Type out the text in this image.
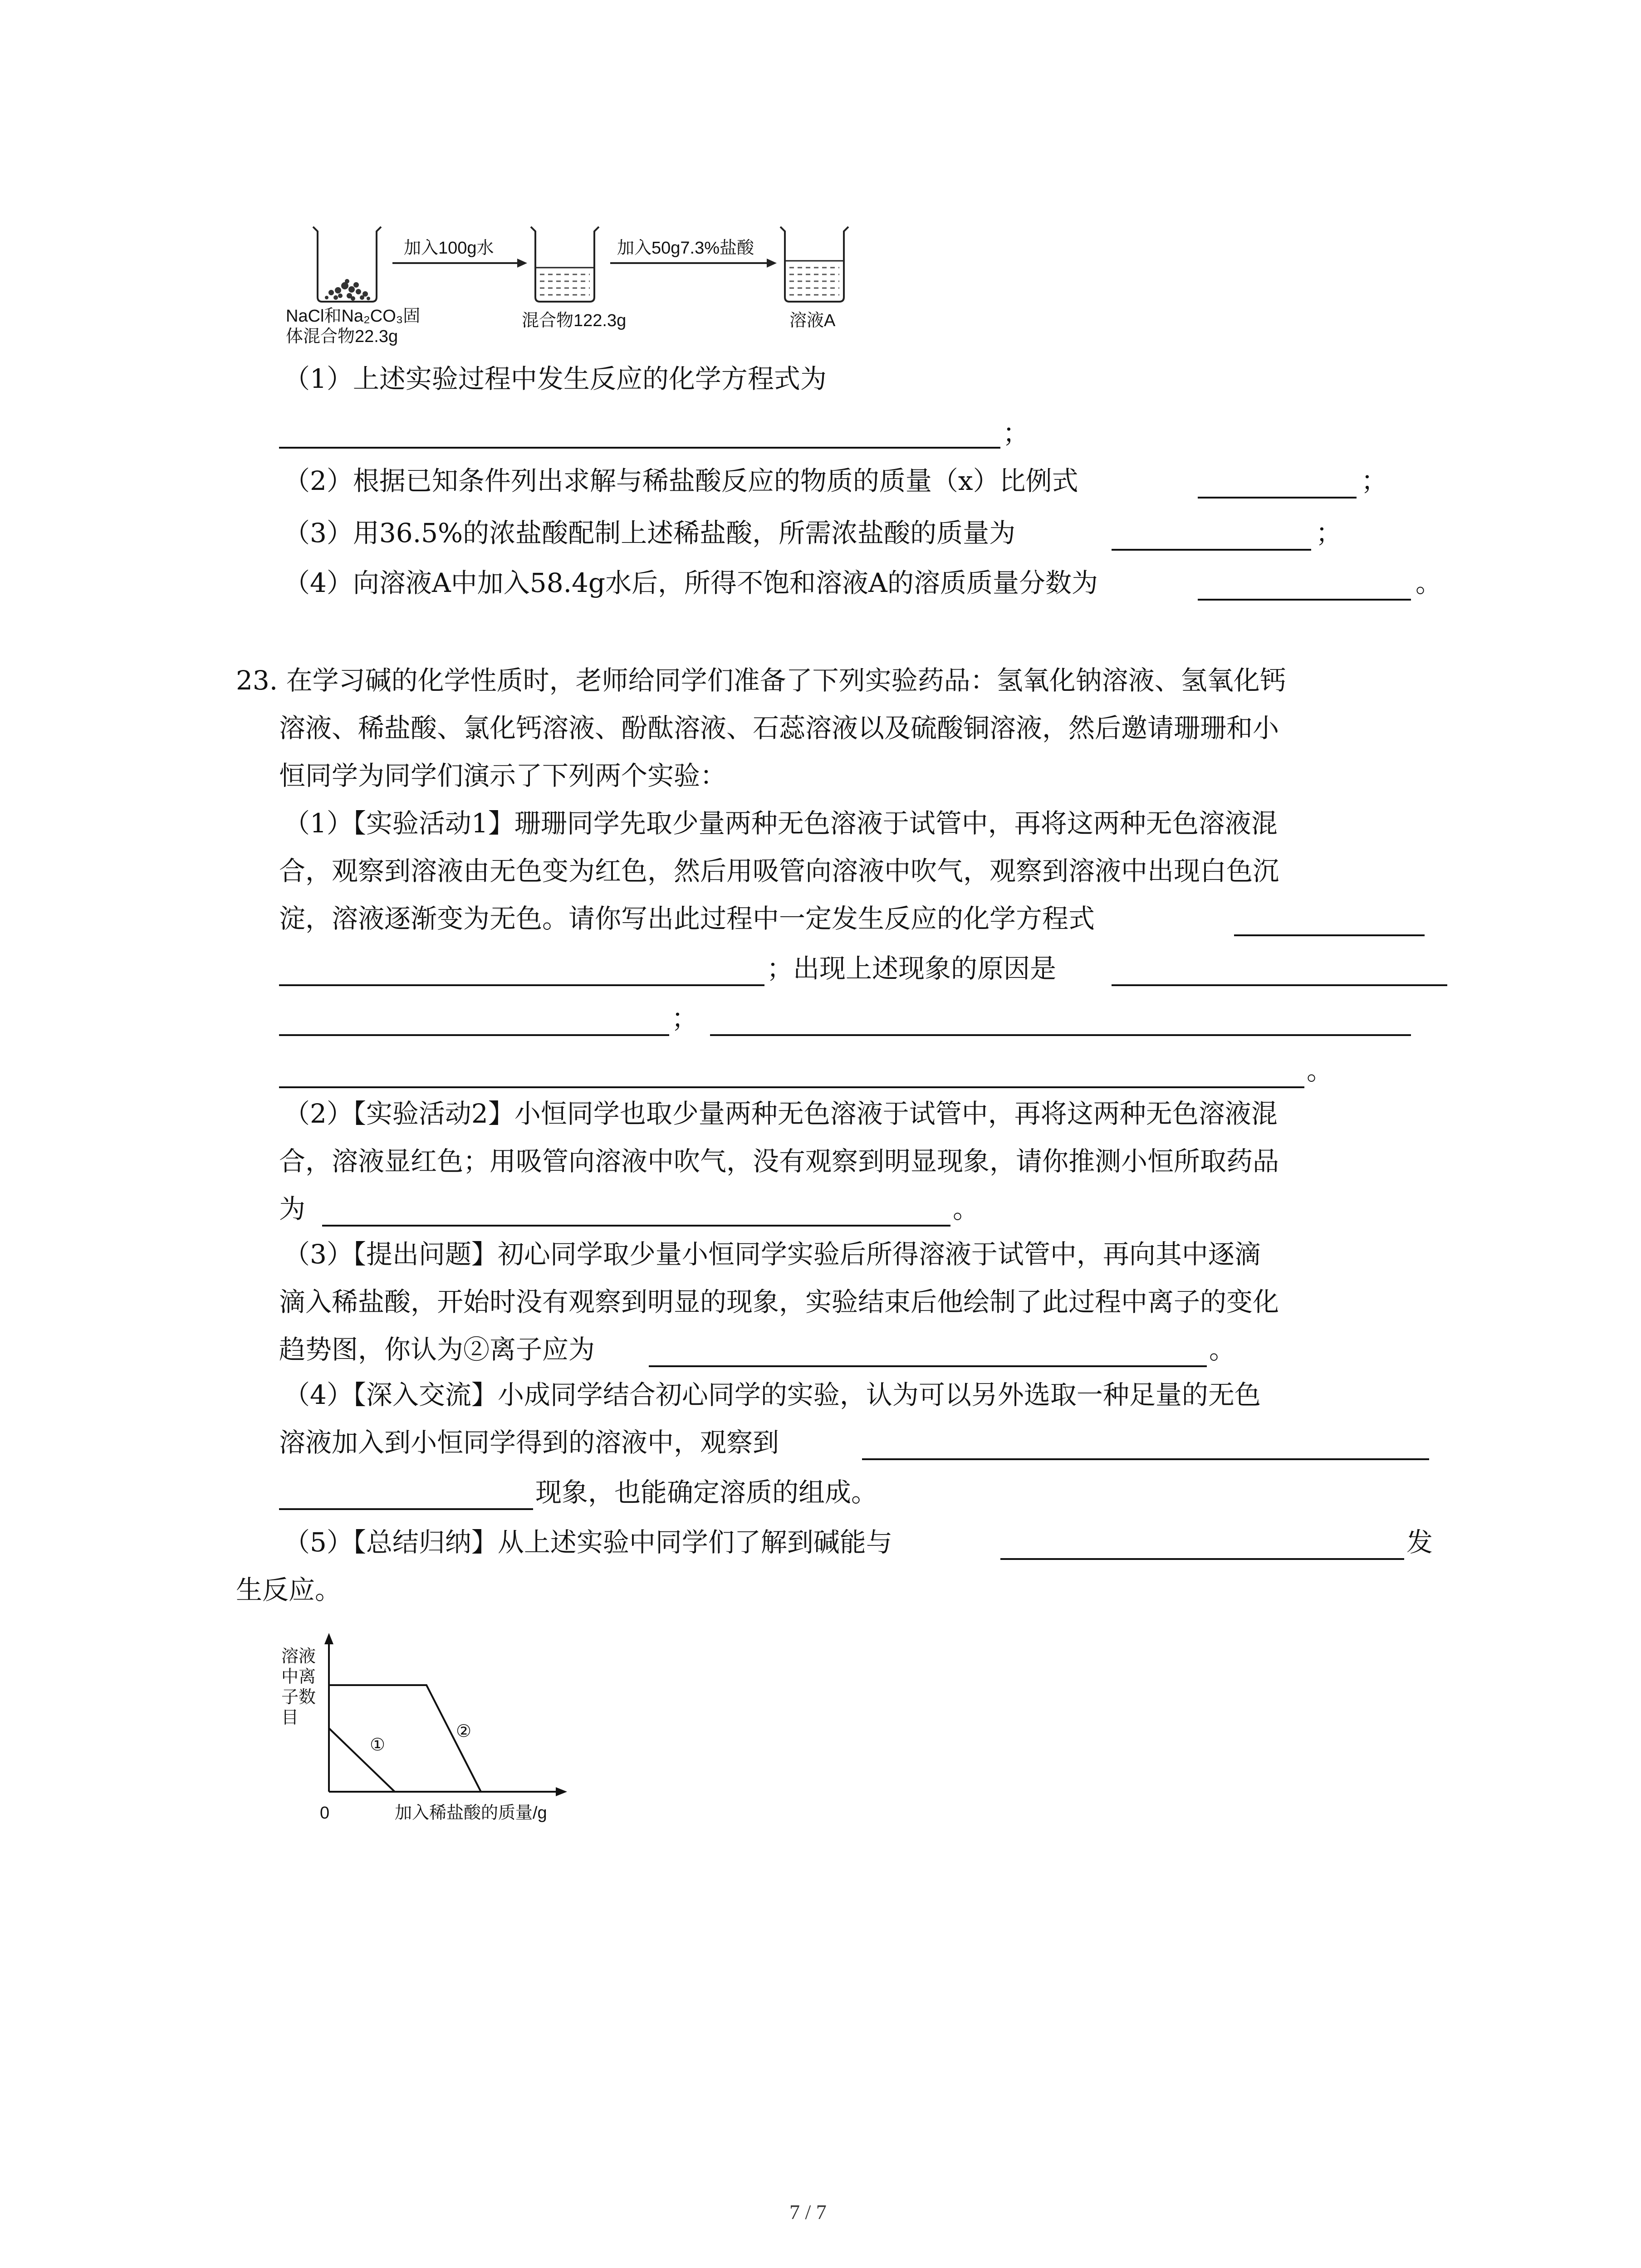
加入100g水	加入50g7.3%盐酸
NaCl和Na₂CO₃固
体混合物22.3g
混合物122.3g	溶液A
（1）上述实验过程中发生反应的化学方程式为
；
（2）根据已知条件列出求解与稀盐酸反应的物质的质量（x）比例式	；
（3）用36.5%的浓盐酸配制上述稀盐酸，所需浓盐酸的质量为	；
（4）向溶液A中加入58.4g水后，所得不饱和溶液A的溶质质量分数为	。
23. 在学习碱的化学性质时，老师给同学们准备了下列实验药品：氢氧化钠溶液、氢氧化钙
溶液、稀盐酸、氯化钙溶液、酚酞溶液、石蕊溶液以及硫酸铜溶液，然后邀请珊珊和小
恒同学为同学们演示了下列两个实验：
（1）【实验活动1】珊珊同学先取少量两种无色溶液于试管中，再将这两种无色溶液混
合，观察到溶液由无色变为红色，然后用吸管向溶液中吹气，观察到溶液中出现白色沉
淀，溶液逐渐变为无色。请你写出此过程中一定发生反应的化学方程式
；出现上述现象的原因是
；
。
（2）【实验活动2】小恒同学也取少量两种无色溶液于试管中，再将这两种无色溶液混
合，溶液显红色；用吸管向溶液中吹气，没有观察到明显现象，请你推测小恒所取药品
为	。
（3）【提出问题】初心同学取少量小恒同学实验后所得溶液于试管中，再向其中逐滴
滴入稀盐酸，开始时没有观察到明显的现象，实验结束后他绘制了此过程中离子的变化
趋势图，你认为②离子应为	。
（4）【深入交流】小成同学结合初心同学的实验，认为可以另外选取一种足量的无色
溶液加入到小恒同学得到的溶液中，观察到
现象，也能确定溶质的组成。
（5）【总结归纳】从上述实验中同学们了解到碱能与	发
生反应。
溶液
中离
子数
目
0	加入稀盐酸的质量/g
①
②
7 / 7
